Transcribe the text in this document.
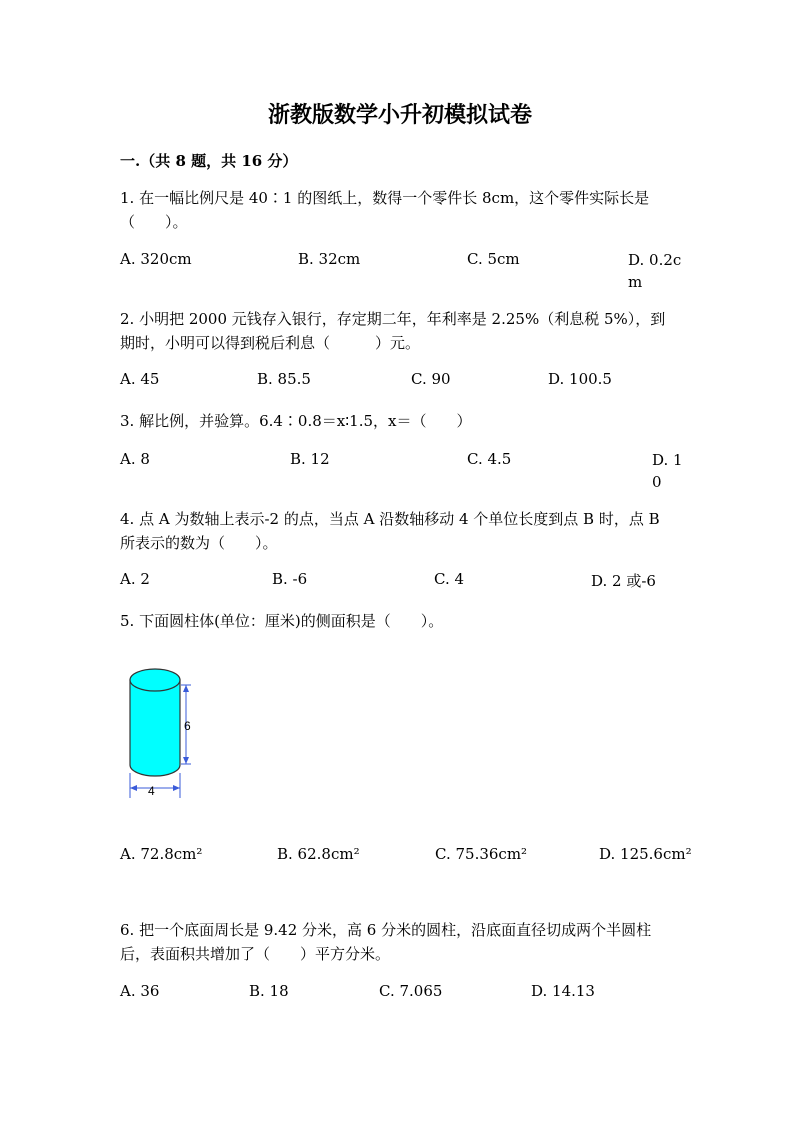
浙教版数学小升初模拟试卷
一.（共 8 题，共 16 分）
1. 在一幅比例尺是 40∶1 的图纸上，数得一个零件长 8cm，这个零件实际长是
（　　）。
A. 320cm	B. 32cm	C. 5cm	D. 0.2cm
2. 小明把 2000 元钱存入银行，存定期二年，年利率是 2.25%（利息税 5%），到
期时，小明可以得到税后利息（　　　）元。
A. 45	B. 85.5	C. 90	D. 100.5
3. 解比例，并验算。6.4∶0.8＝x∶1.5，x＝（　　）
A. 8	B. 12	C. 4.5	D. 10
4. 点 A 为数轴上表示-2 的点，当点 A 沿数轴移动 4 个单位长度到点 B 时，点 B
所表示的数为（　　）。
A. 2	B. -6	C. 4	D. 2 或-6
5. 下面圆柱体(单位：厘米)的侧面积是（　　）。
6
4
A. 72.8cm²	B. 62.8cm²	C. 75.36cm²	D. 125.6cm²
6. 把一个底面周长是 9.42 分米，高 6 分米的圆柱，沿底面直径切成两个半圆柱
后，表面积共增加了（　　）平方分米。
A. 36	B. 18	C. 7.065	D. 14.13
